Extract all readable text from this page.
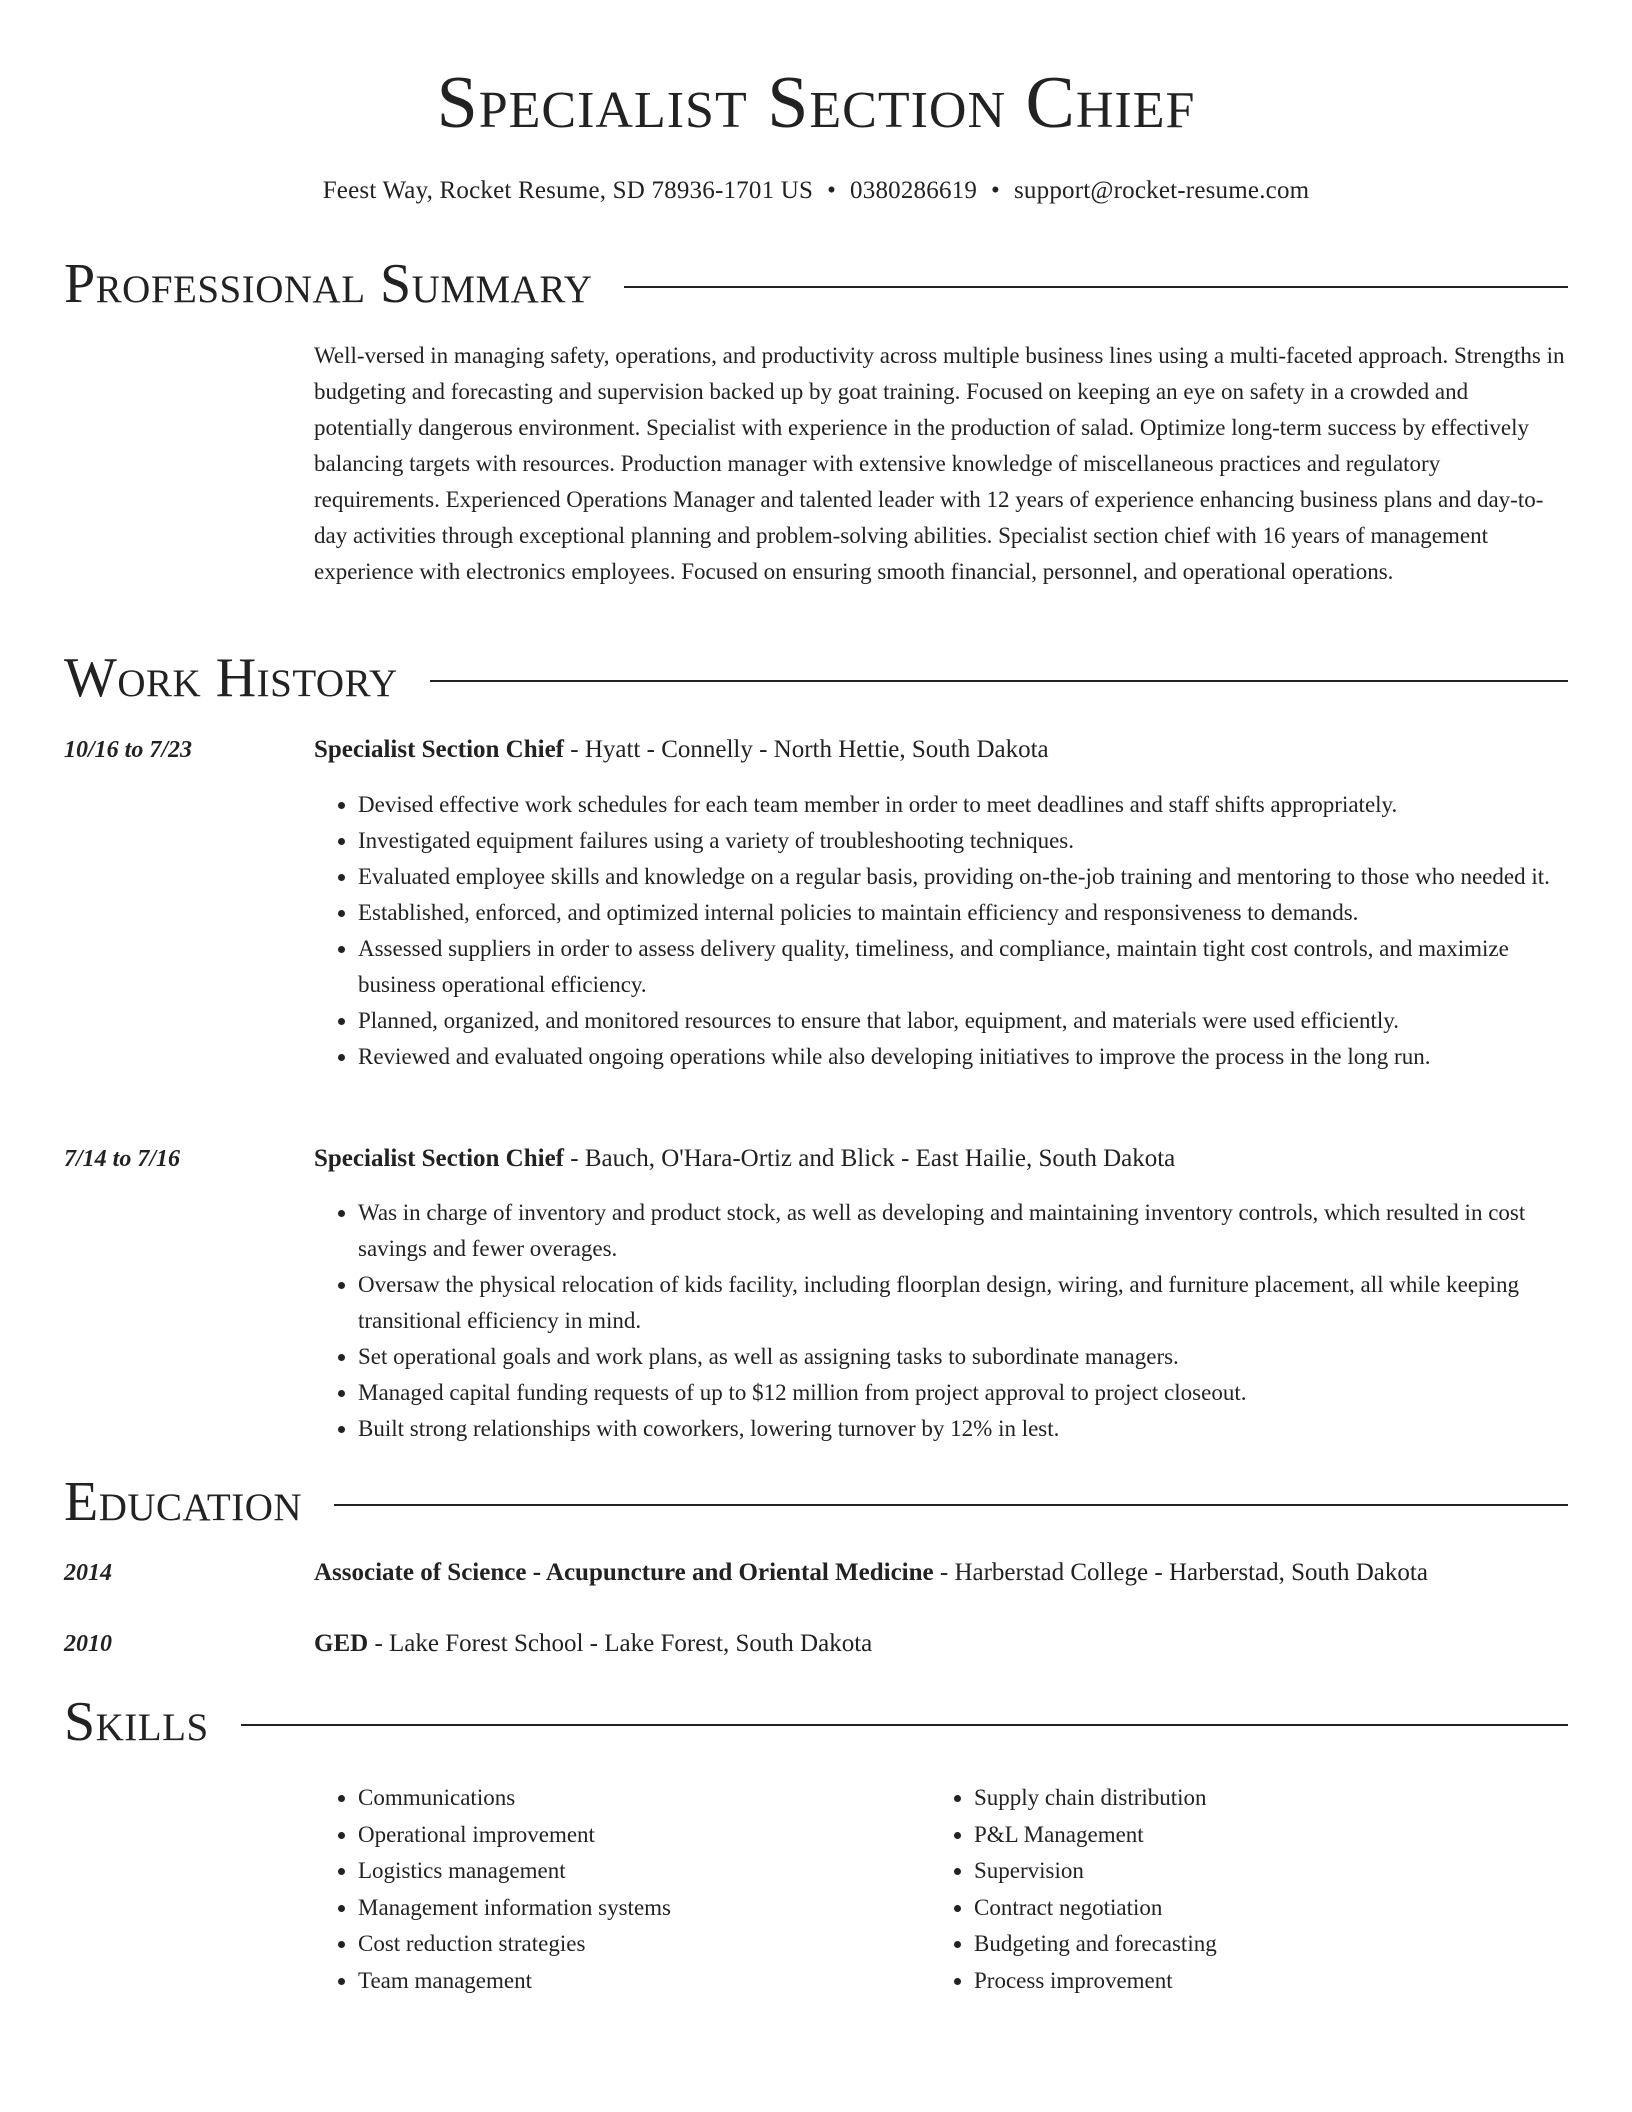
Specialist Section Chief
Feest Way, Rocket Resume, SD 78936-1701 US • 0380286619 • support@rocket-resume.com
Professional Summary

Well-versed in managing safety, operations, and productivity across multiple business lines using a multi-faceted approach. Strengths in budgeting and forecasting and supervision backed up by goat training. Focused on keeping an eye on safety in a crowded and potentially dangerous environment. Specialist with experience in the production of salad. Optimize long-term success by effectively balancing targets with resources. Production manager with extensive knowledge of miscellaneous practices and regulatory requirements. Experienced Operations Manager and talented leader with 12 years of experience enhancing business plans and day-to-day activities through exceptional planning and problem-solving abilities. Specialist section chief with 16 years of management experience with electronics employees. Focused on ensuring smooth financial, personnel, and operational operations.

Work History
10/16 to 7/23	Specialist Section Chief - Hyatt - Connelly - North Hettie, South Dakota
• Devised effective work schedules for each team member in order to meet deadlines and staff shifts appropriately.
• Investigated equipment failures using a variety of troubleshooting techniques.
• Evaluated employee skills and knowledge on a regular basis, providing on-the-job training and mentoring to those who needed it.
• Established, enforced, and optimized internal policies to maintain efficiency and responsiveness to demands.
• Assessed suppliers in order to assess delivery quality, timeliness, and compliance, maintain tight cost controls, and maximize business operational efficiency.
• Planned, organized, and monitored resources to ensure that labor, equipment, and materials were used efficiently.
• Reviewed and evaluated ongoing operations while also developing initiatives to improve the process in the long run.
7/14 to 7/16	Specialist Section Chief - Bauch, O'Hara-Ortiz and Blick - East Hailie, South Dakota
• Was in charge of inventory and product stock, as well as developing and maintaining inventory controls, which resulted in cost savings and fewer overages.
• Oversaw the physical relocation of kids facility, including floorplan design, wiring, and furniture placement, all while keeping transitional efficiency in mind.
• Set operational goals and work plans, as well as assigning tasks to subordinate managers.
• Managed capital funding requests of up to $12 million from project approval to project closeout.
• Built strong relationships with coworkers, lowering turnover by 12% in lest.
Education
2014	Associate of Science - Acupuncture and Oriental Medicine - Harberstad College - Harberstad, South Dakota
2010	GED - Lake Forest School - Lake Forest, South Dakota
Skills
• Communications
• Operational improvement
• Logistics management
• Management information systems
• Cost reduction strategies
• Team management
• Supply chain distribution
• P&L Management
• Supervision
• Contract negotiation
• Budgeting and forecasting
• Process improvement
